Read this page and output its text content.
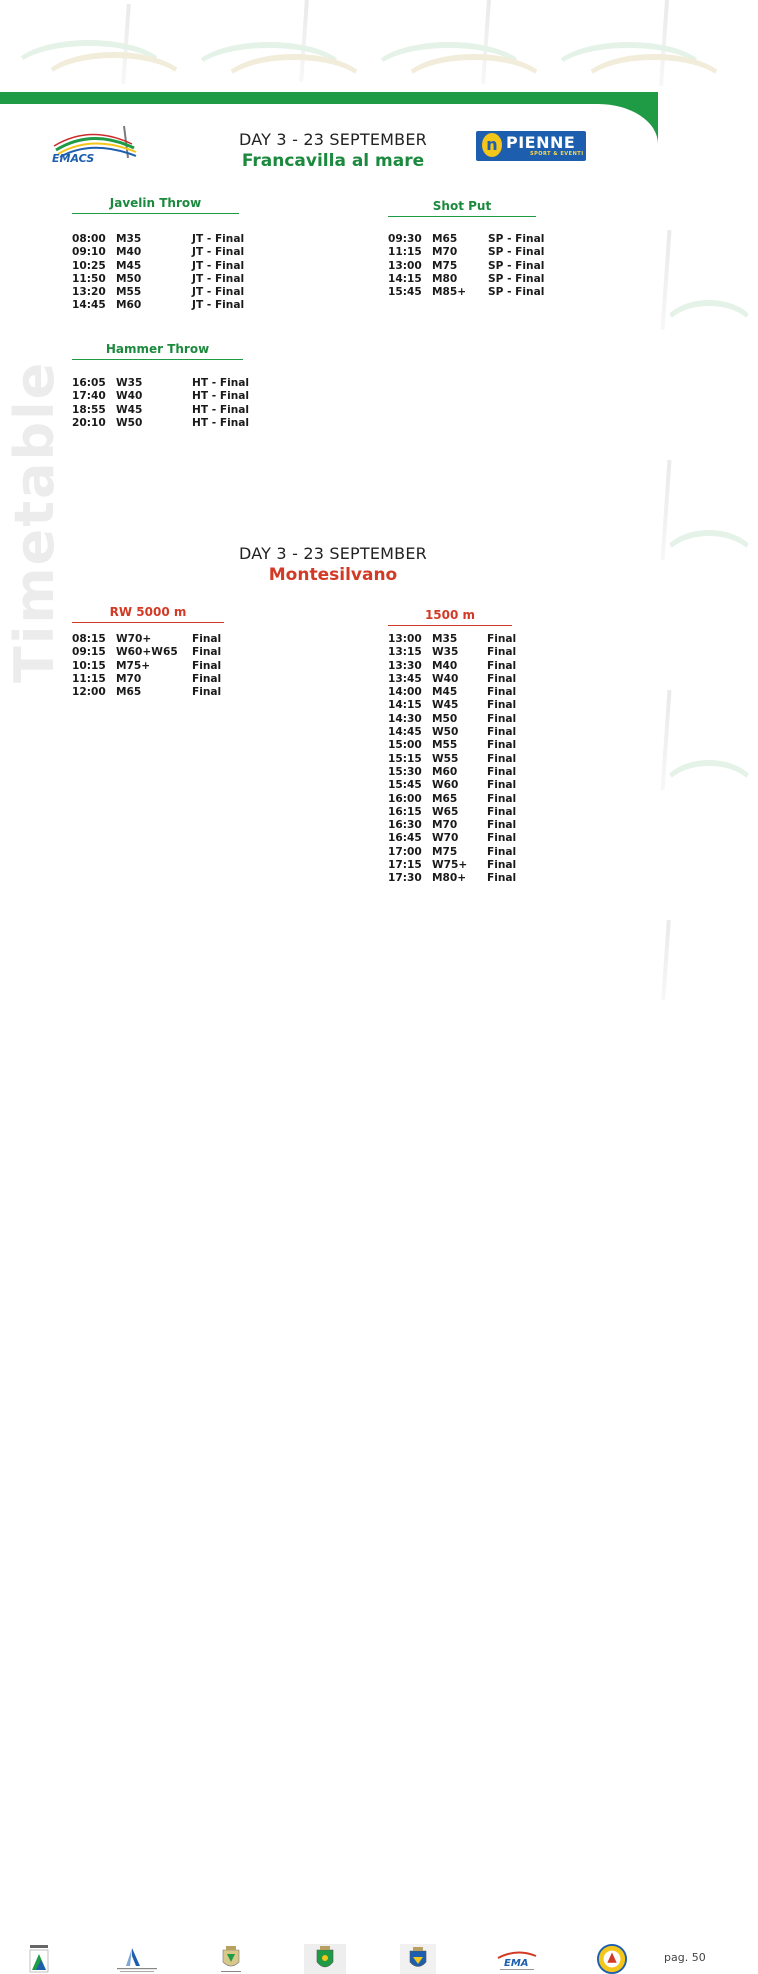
EMACS
n PIENNE
SPORT & EVENTI
DAY 3 - 23 SEPTEMBER
Francavilla al mare
Javelin Throw
08:00 M35	JT - Final
09:10 M40	JT - Final
10:25 M45	JT - Final
11:50 M50	JT - Final
13:20 M55	JT - Final
14:45 M60	JT - Final
Shot Put
09:30 M65	SP - Final
11:15 M70	SP - Final
13:00 M75	SP - Final
14:15 M80	SP - Final
15:45 M85+ SP - Final
Hammer Throw
16:05 W35	HT - Final
17:40 W40	HT - Final
18:55 W45	HT - Final
20:10 W50	HT - Final
DAY 3 - 23 SEPTEMBER
Montesilvano
RW 5000 m
08:15 W70+	Final
09:15 W60+W65 Final
10:15 M75+	Final
11:15 M70	Final
12:00 M65	Final
1500 m
13:00 M35	Final
13:15 W35	Final
13:30 M40	Final
13:45 W40	Final
14:00 M45	Final
14:15 W45	Final
14:30 M50	Final
14:45 W50	Final
15:00 M55	Final
15:15 W55	Final
15:30 M60	Final
15:45 W60	Final
16:00 M65	Final
16:15 W65	Final
16:30 M70	Final
16:45 W70	Final
17:00 M75	Final
17:15 W75+ Final
17:30 M80+ Final
Timetable
EMA	pag. 50
